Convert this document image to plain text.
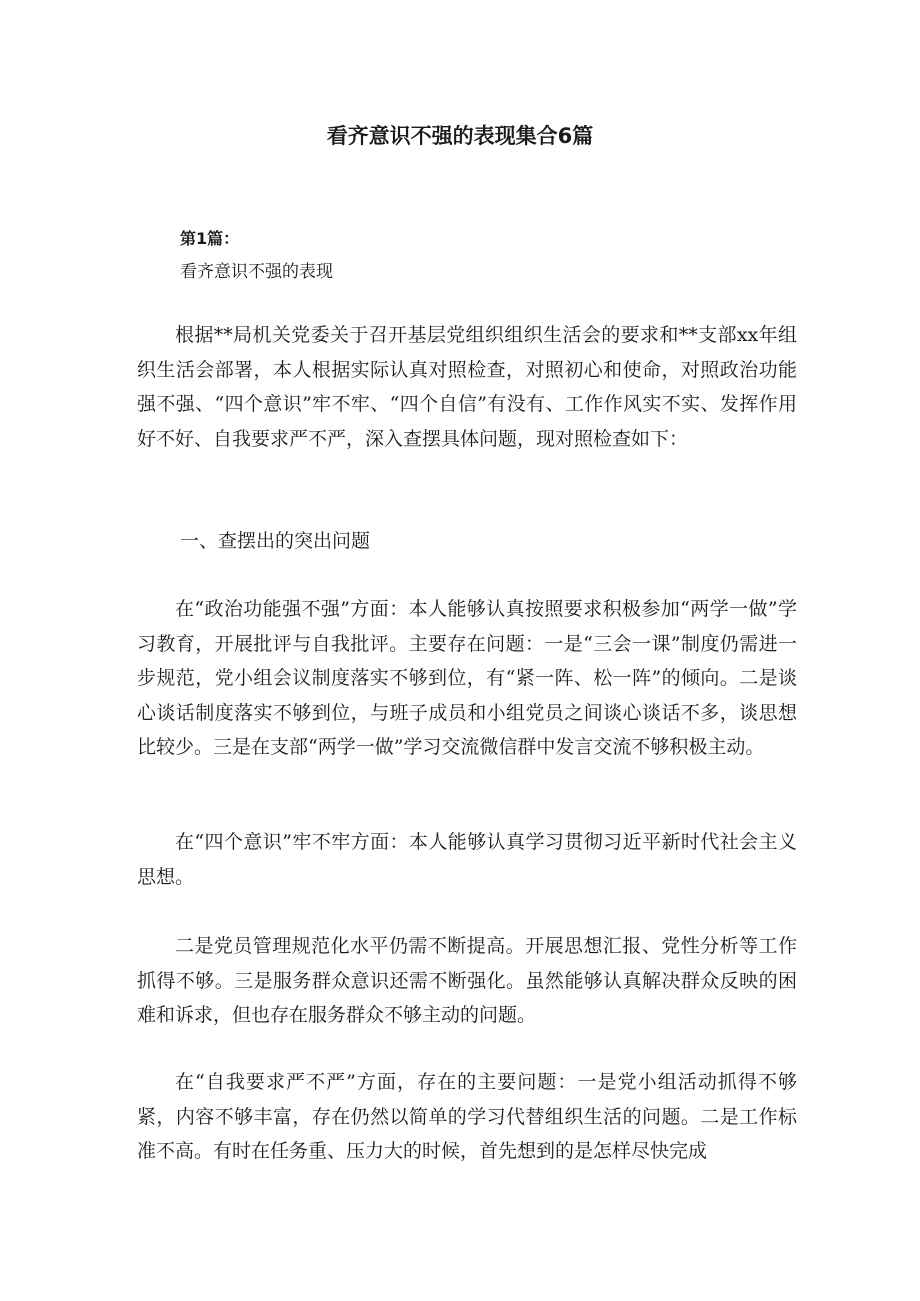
看齐意识不强的表现集合6篇
第1篇：
看齐意识不强的表现

根据**局机关党委关于召开基层党组织组织生活会的要求和**支部xx年组织生活会部署，本人根据实际认真对照检查，对照初心和使命，对照政治功能强不强、“四个意识”牢不牢、“四个自信”有没有、工作作风实不实、发挥作用好不好、自我要求严不严，深入查摆具体问题，现对照检查如下：

一、查摆出的突出问题

在“政治功能强不强”方面：本人能够认真按照要求积极参加“两学一做”学习教育，开展批评与自我批评。主要存在问题：一是“三会一课”制度仍需进一步规范，党小组会议制度落实不够到位，有“紧一阵、松一阵”的倾向。二是谈心谈话制度落实不够到位，与班子成员和小组党员之间谈心谈话不多，谈思想比较少。三是在支部“两学一做”学习交流微信群中发言交流不够积极主动。

在“四个意识”牢不牢方面：本人能够认真学习贯彻习近平新时代社会主义思想。

二是党员管理规范化水平仍需不断提高。开展思想汇报、党性分析等工作抓得不够。三是服务群众意识还需不断强化。虽然能够认真解决群众反映的困难和诉求，但也存在服务群众不够主动的问题。

在“自我要求严不严”方面，存在的主要问题：一是党小组活动抓得不够紧，内容不够丰富，存在仍然以简单的学习代替组织生活的问题。二是工作标准不高。有时在任务重、压力大的时候，首先想到的是怎样尽快完成
